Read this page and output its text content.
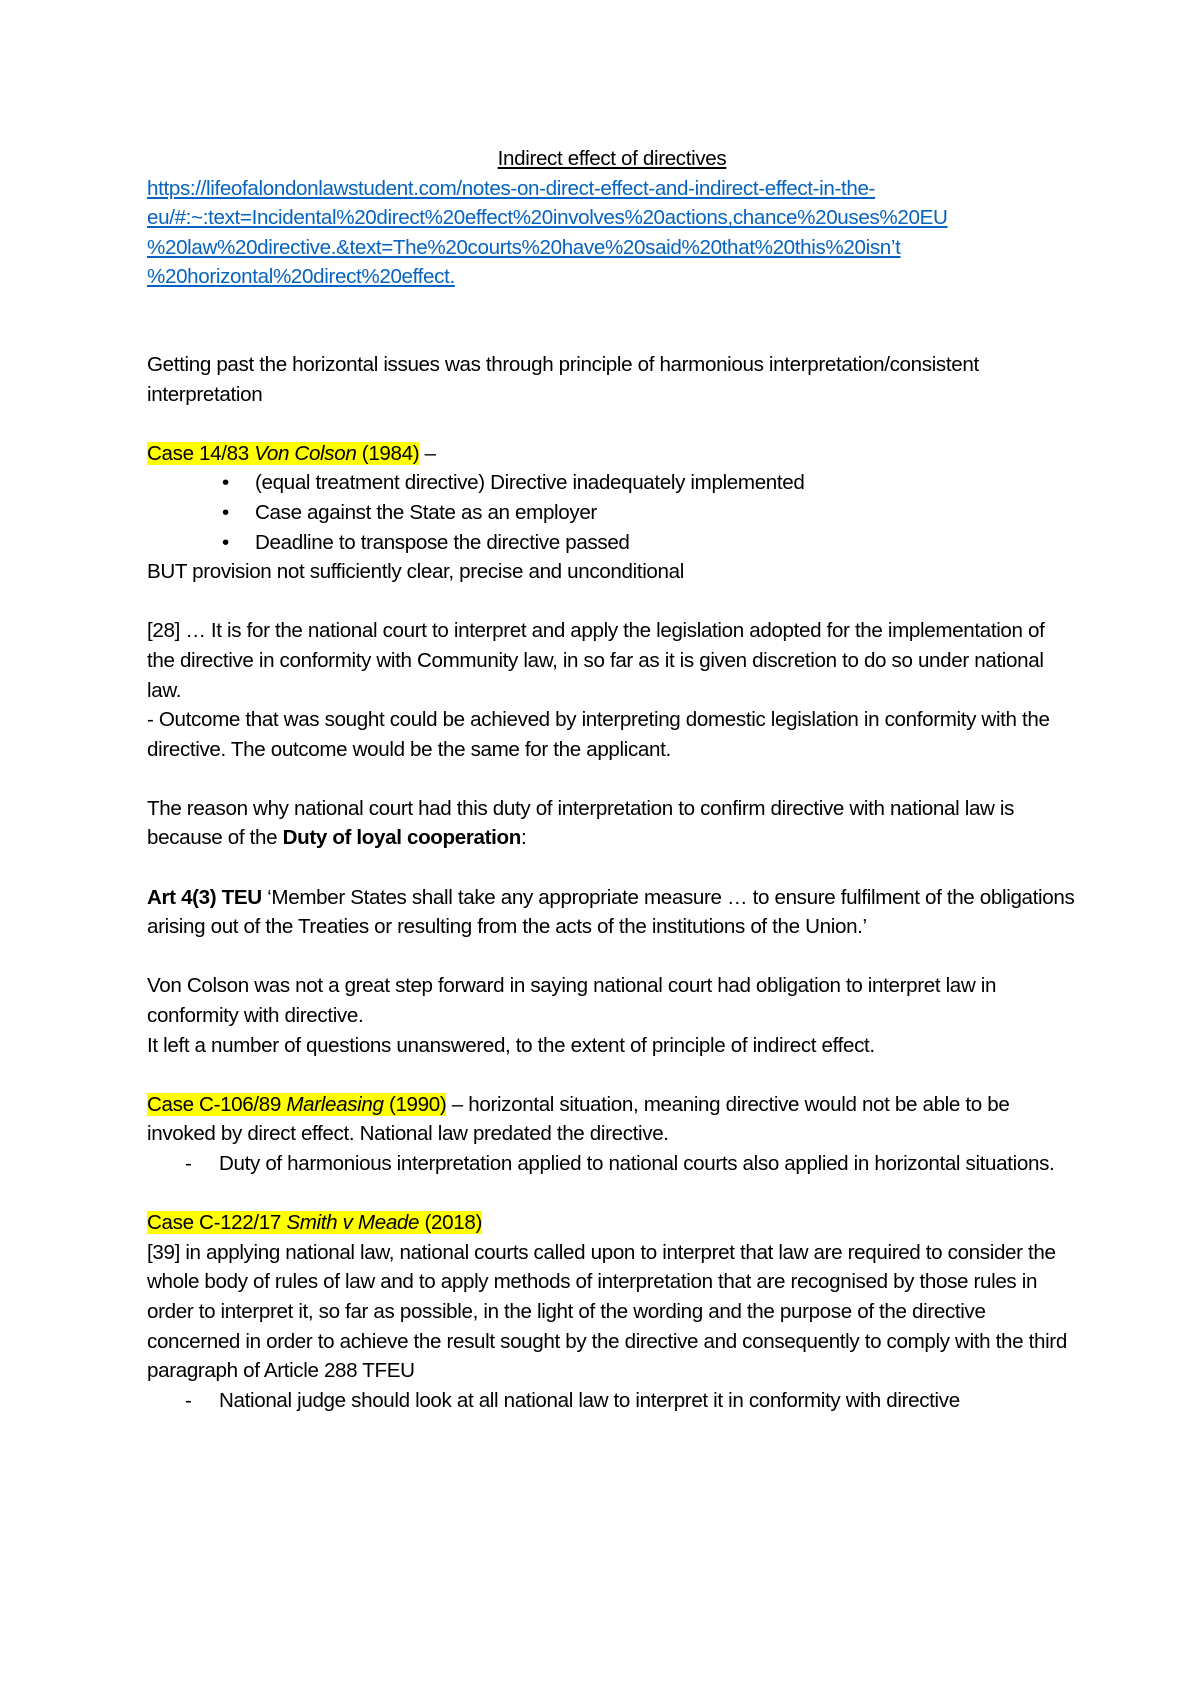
Indirect effect of directives

https://lifeofalondonlawstudent.com/notes-on-direct-effect-and-indirect-effect-in-the-
eu/#:~:text=Incidental%20direct%20effect%20involves%20actions,chance%20uses%20EU
%20law%20directive.&text=The%20courts%20have%20said%20that%20this%20isn’t
%20horizontal%20direct%20effect.

Getting past the horizontal issues was through principle of harmonious interpretation/consistent interpretation

Case 14/83 Von Colson (1984) –

• (equal treatment directive) Directive inadequately implemented
• Case against the State as an employer
• Deadline to transpose the directive passed

BUT provision not sufficiently clear, precise and unconditional

[28] … It is for the national court to interpret and apply the legislation adopted for the implementation of the directive in conformity with Community law, in so far as it is given discretion to do so under national law.

- Outcome that was sought could be achieved by interpreting domestic legislation in conformity with the directive. The outcome would be the same for the applicant.

The reason why national court had this duty of interpretation to confirm directive with national law is because of the Duty of loyal cooperation:

Art 4(3) TEU ‘Member States shall take any appropriate measure … to ensure fulfilment of the obligations arising out of the Treaties or resulting from the acts of the institutions of the Union.’

Von Colson was not a great step forward in saying national court had obligation to interpret law in conformity with directive.

It left a number of questions unanswered, to the extent of principle of indirect effect.

Case C-106/89 Marleasing (1990) – horizontal situation, meaning directive would not be able to be invoked by direct effect. National law predated the directive.

- Duty of harmonious interpretation applied to national courts also applied in horizontal situations.

Case C-122/17 Smith v Meade (2018)

[39] in applying national law, national courts called upon to interpret that law are required to consider the whole body of rules of law and to apply methods of interpretation that are recognised by those rules in order to interpret it, so far as possible, in the light of the wording and the purpose of the directive concerned in order to achieve the result sought by the directive and consequently to comply with the third paragraph of Article 288 TFEU

- National judge should look at all national law to interpret it in conformity with directive
